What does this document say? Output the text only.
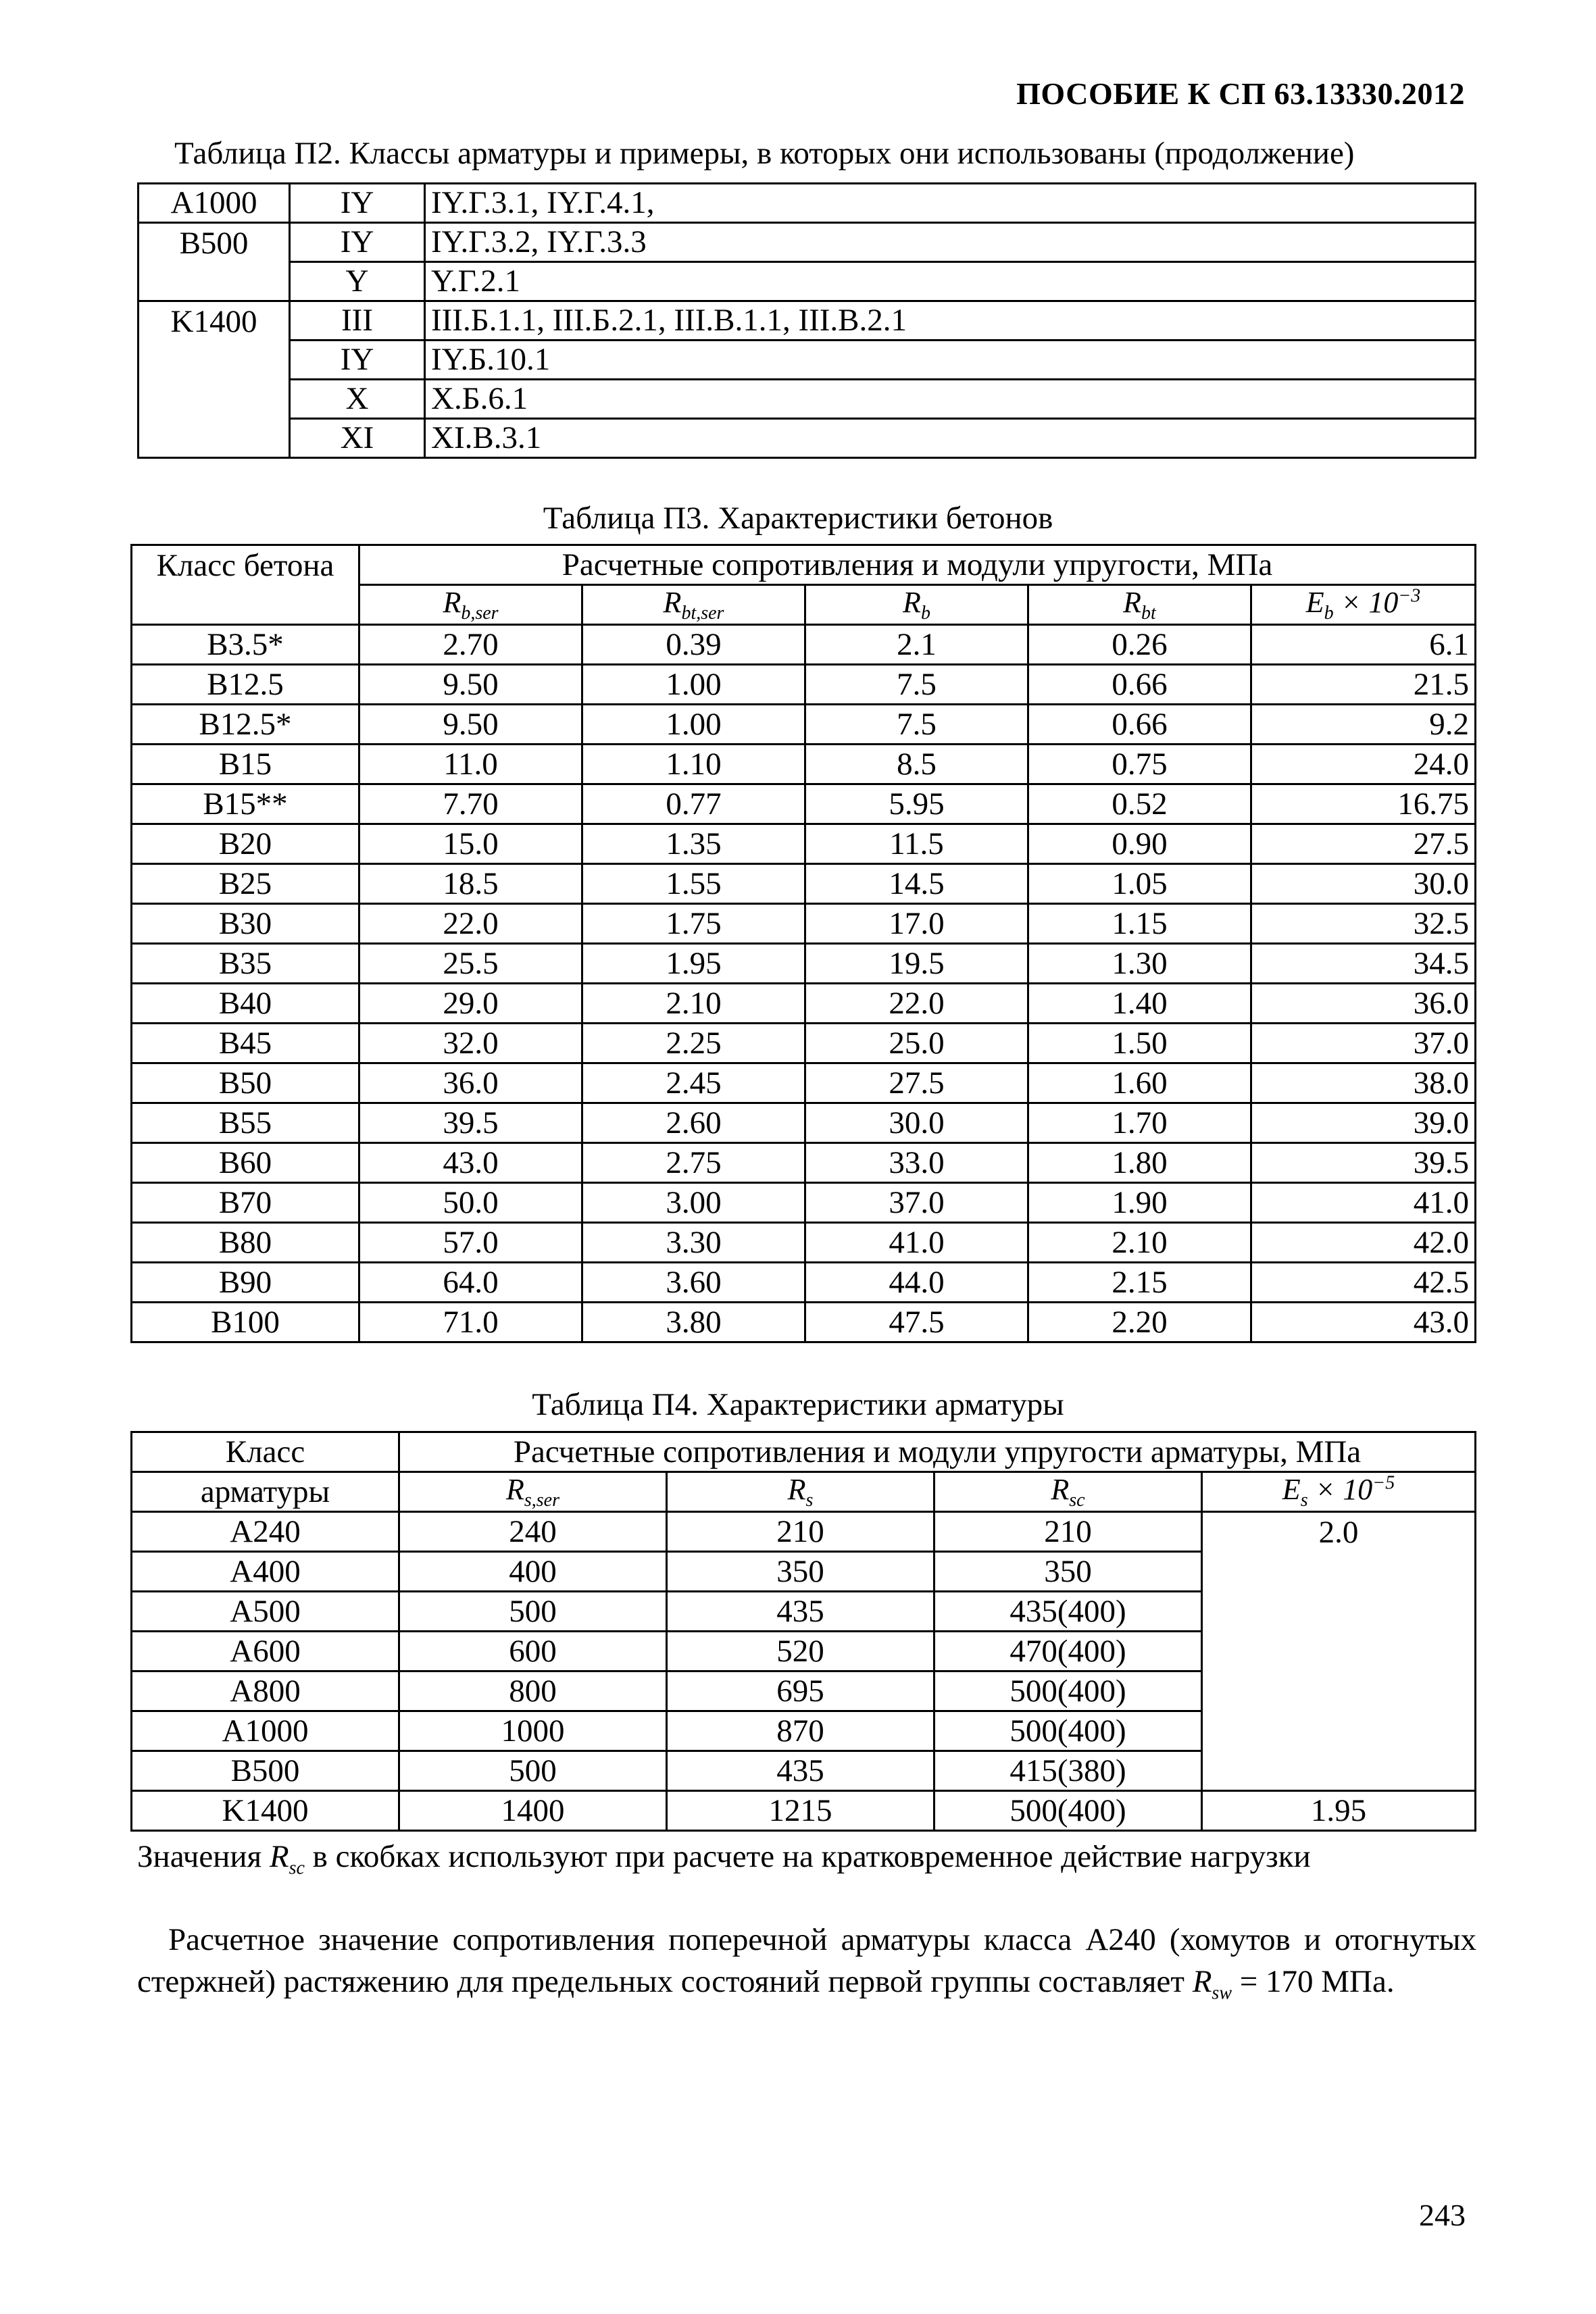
ПОСОБИЕ К СП 63.13330.2012
Таблица П2. Классы арматуры и примеры, в которых они использованы (продолжение)
A1000	IY	IY.Г.3.1, IY.Г.4.1,
B500	IY	IY.Г.3.2, IY.Г.3.3
	Y	Y.Г.2.1
K1400	III	III.Б.1.1, III.Б.2.1, III.В.1.1, III.В.2.1
	IY	IY.Б.10.1
	X	X.Б.6.1
	XI	XI.В.3.1
Таблица П3. Характеристики бетонов
Класс бетона	Расчетные сопротивления и модули упругости, МПа				
	$R_{b,ser}$	$R_{bt,ser}$	$R_b$	$R_{bt}$	$E_b \times 10^{-3}$
B3.5*	2.70	0.39	2.1	0.26	6.1
B12.5	9.50	1.00	7.5	0.66	21.5
B12.5*	9.50	1.00	7.5	0.66	9.2
B15	11.0	1.10	8.5	0.75	24.0
B15**	7.70	0.77	5.95	0.52	16.75
B20	15.0	1.35	11.5	0.90	27.5
B25	18.5	1.55	14.5	1.05	30.0
B30	22.0	1.75	17.0	1.15	32.5
B35	25.5	1.95	19.5	1.30	34.5
B40	29.0	2.10	22.0	1.40	36.0
B45	32.0	2.25	25.0	1.50	37.0
B50	36.0	2.45	27.5	1.60	38.0
B55	39.5	2.60	30.0	1.70	39.0
B60	43.0	2.75	33.0	1.80	39.5
B70	50.0	3.00	37.0	1.90	41.0
B80	57.0	3.30	41.0	2.10	42.0
B90	64.0	3.60	44.0	2.15	42.5
B100	71.0	3.80	47.5	2.20	43.0
Таблица П4. Характеристики арматуры
Класс	Расчетные сопротивления и модули упругости арматуры, МПа			
арматуры	$R_{s,ser}$	$R_s$	$R_{sc}$	$E_s \times 10^{-5}$
A240	240	210	210	2.0
A400	400	350	350	
A500	500	435	435(400)	
A600	600	520	470(400)	
A800	800	695	500(400)	
A1000	1000	870	500(400)	
B500	500	435	415(380)	
K1400	1400	1215	500(400)	1.95
Значения $R_{sc}$ в скобках используют при расчете на кратковременное действие нагрузки
Расчетное значение сопротивления поперечной арматуры класса А240 (хомутов и отогнутых стержней) растяжению для предельных состояний первой группы составляет $R_{sw} = 170$ МПа.
243
